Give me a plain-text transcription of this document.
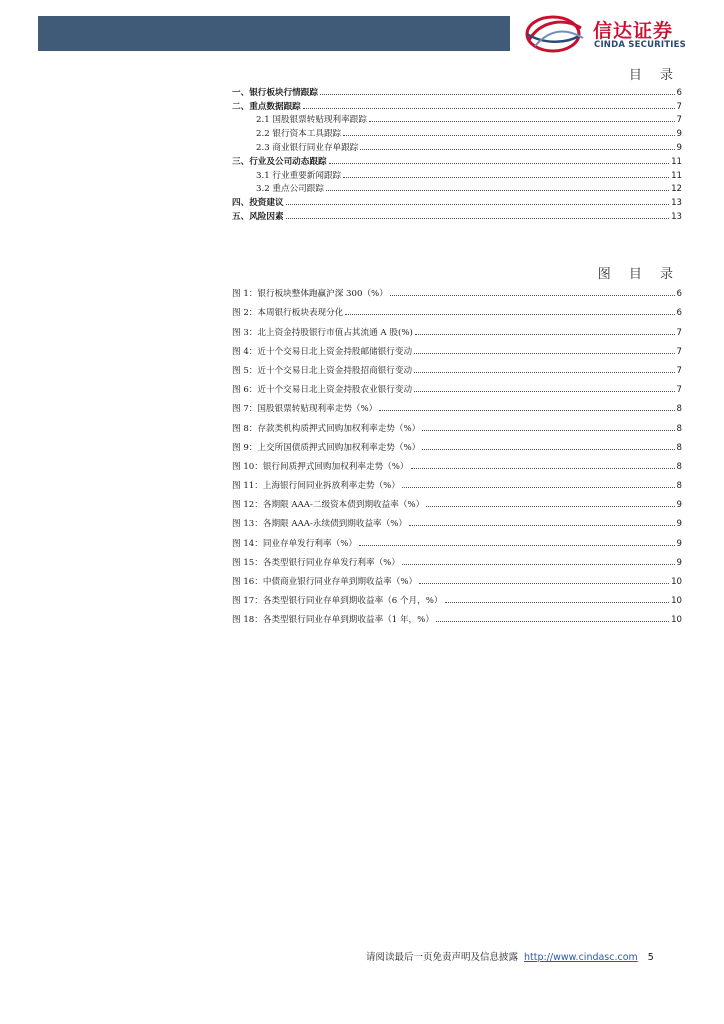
信达证券
CINDA SECURITIES
目 录
一、银行板块行情跟踪	6
二、重点数据跟踪	7
2.1 国股银票转贴现利率跟踪	7
2.2 银行资本工具跟踪	9
2.3 商业银行同业存单跟踪	9
三、行业及公司动态跟踪	11
3.1 行业重要新闻跟踪	11
3.2 重点公司跟踪	12
四、投资建议	13
五、风险因素	13
图 目 录
图 1：银行板块整体跑赢沪深 300（%）	6
图 2：本周银行板块表现分化	6
图 3：北上资金持股银行市值占其流通 A 股(%)	7
图 4：近十个交易日北上资金持股邮储银行变动	7
图 5：近十个交易日北上资金持股招商银行变动	7
图 6：近十个交易日北上资金持股农业银行变动	7
图 7：国股银票转贴现利率走势（%）	8
图 8：存款类机构质押式回购加权利率走势（%）	8
图 9：上交所国债质押式回购加权利率走势（%）	8
图 10：银行间质押式回购加权利率走势（%）	8
图 11：上海银行间同业拆放利率走势（%）	8
图 12：各期限 AAA-二级资本债到期收益率（%）	9
图 13：各期限 AAA-永续债到期收益率（%）	9
图 14：同业存单发行利率（%）	9
图 15：各类型银行同业存单发行利率（%）	9
图 16：中债商业银行同业存单到期收益率（%）	10
图 17：各类型银行同业存单到期收益率（6 个月，%）	10
图 18：各类型银行同业存单到期收益率（1 年，%）	10
请阅读最后一页免责声明及信息披露 http://www.cindasc.com 5
